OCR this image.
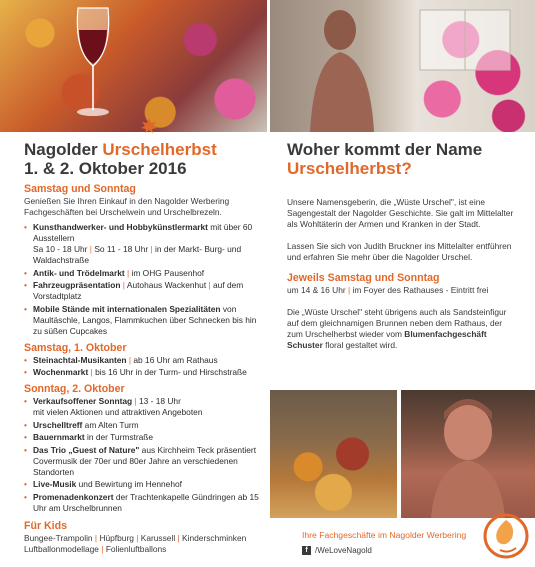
Nagolder Urschelherbst
1. & 2. Oktober 2016
Samstag und Sonntag
Genießen Sie Ihren Einkauf in den Nagolder Werbering Fachgeschäften bei Urschelwein und Urschelbrezeln.
• Kunsthandwerker- und Hobbykünstlermarkt mit über 60 Ausstellern
Sa 10 - 18 Uhr | So 11 - 18 Uhr | in der Markt- Burg- und Waldachstraße
• Antik- und Trödelmarkt | im OHG Pausenhof
• Fahrzeugpräsentation | Autohaus Wackenhut | auf dem Vorstadtplatz
• Mobile Stände mit internationalen Spezialitäten von Maultäschle, Langos, Flammkuchen über Schnecken bis hin zu süßen Cupcakes
Samstag, 1. Oktober
• Steinachtal-Musikanten | ab 16 Uhr am Rathaus
• Wochenmarkt | bis 16 Uhr in der Turm- und Hirschstraße
Sonntag, 2. Oktober
• Verkaufsoffener Sonntag | 13 - 18 Uhr
mit vielen Aktionen und attraktiven Angeboten
• Urschelltreff am Alten Turm
• Bauernmarkt in der Turmstraße
• Das Trio „Guest of Nature" aus Kirchheim Teck präsentiert Covermusik der 70er und 80er Jahre an verschiedenen Standorten
• Live-Musik und Bewirtung im Hennehof
• Promenadenkonzert der Trachtenkapelle Gündringen ab 15 Uhr am Urschelbrunnen
Für Kids
Bungee-Trampolin | Hüpfburg | Karussell | Kinderschminken
Luftballonmodellage | Folienluftballons
Woher kommt der Name
Urschelherbst?
Unsere Namensgeberin, die „Wüste Urschel", ist eine Sagengestalt der Nagolder Geschichte. Sie galt im Mittelalter als Wohltäterin der Armen und Kranken in der Stadt.
Lassen Sie sich von Judith Bruckner ins Mittelalter entführen und erfahren Sie mehr über die Nagolder Urschel.
Jeweils Samstag und Sonntag
um 14 & 16 Uhr | im Foyer des Rathauses - Eintritt frei
Die „Wüste Urschel" steht übrigens auch als Sandsteinfigur auf dem gleichnamigen Brunnen neben dem Rathaus, der zum Urschelherbst wieder vom Blumenfachgeschäft Schuster floral gestaltet wird.
Ihre Fachgeschäfte im Nagolder Werbering
f /WeLoveNagold
